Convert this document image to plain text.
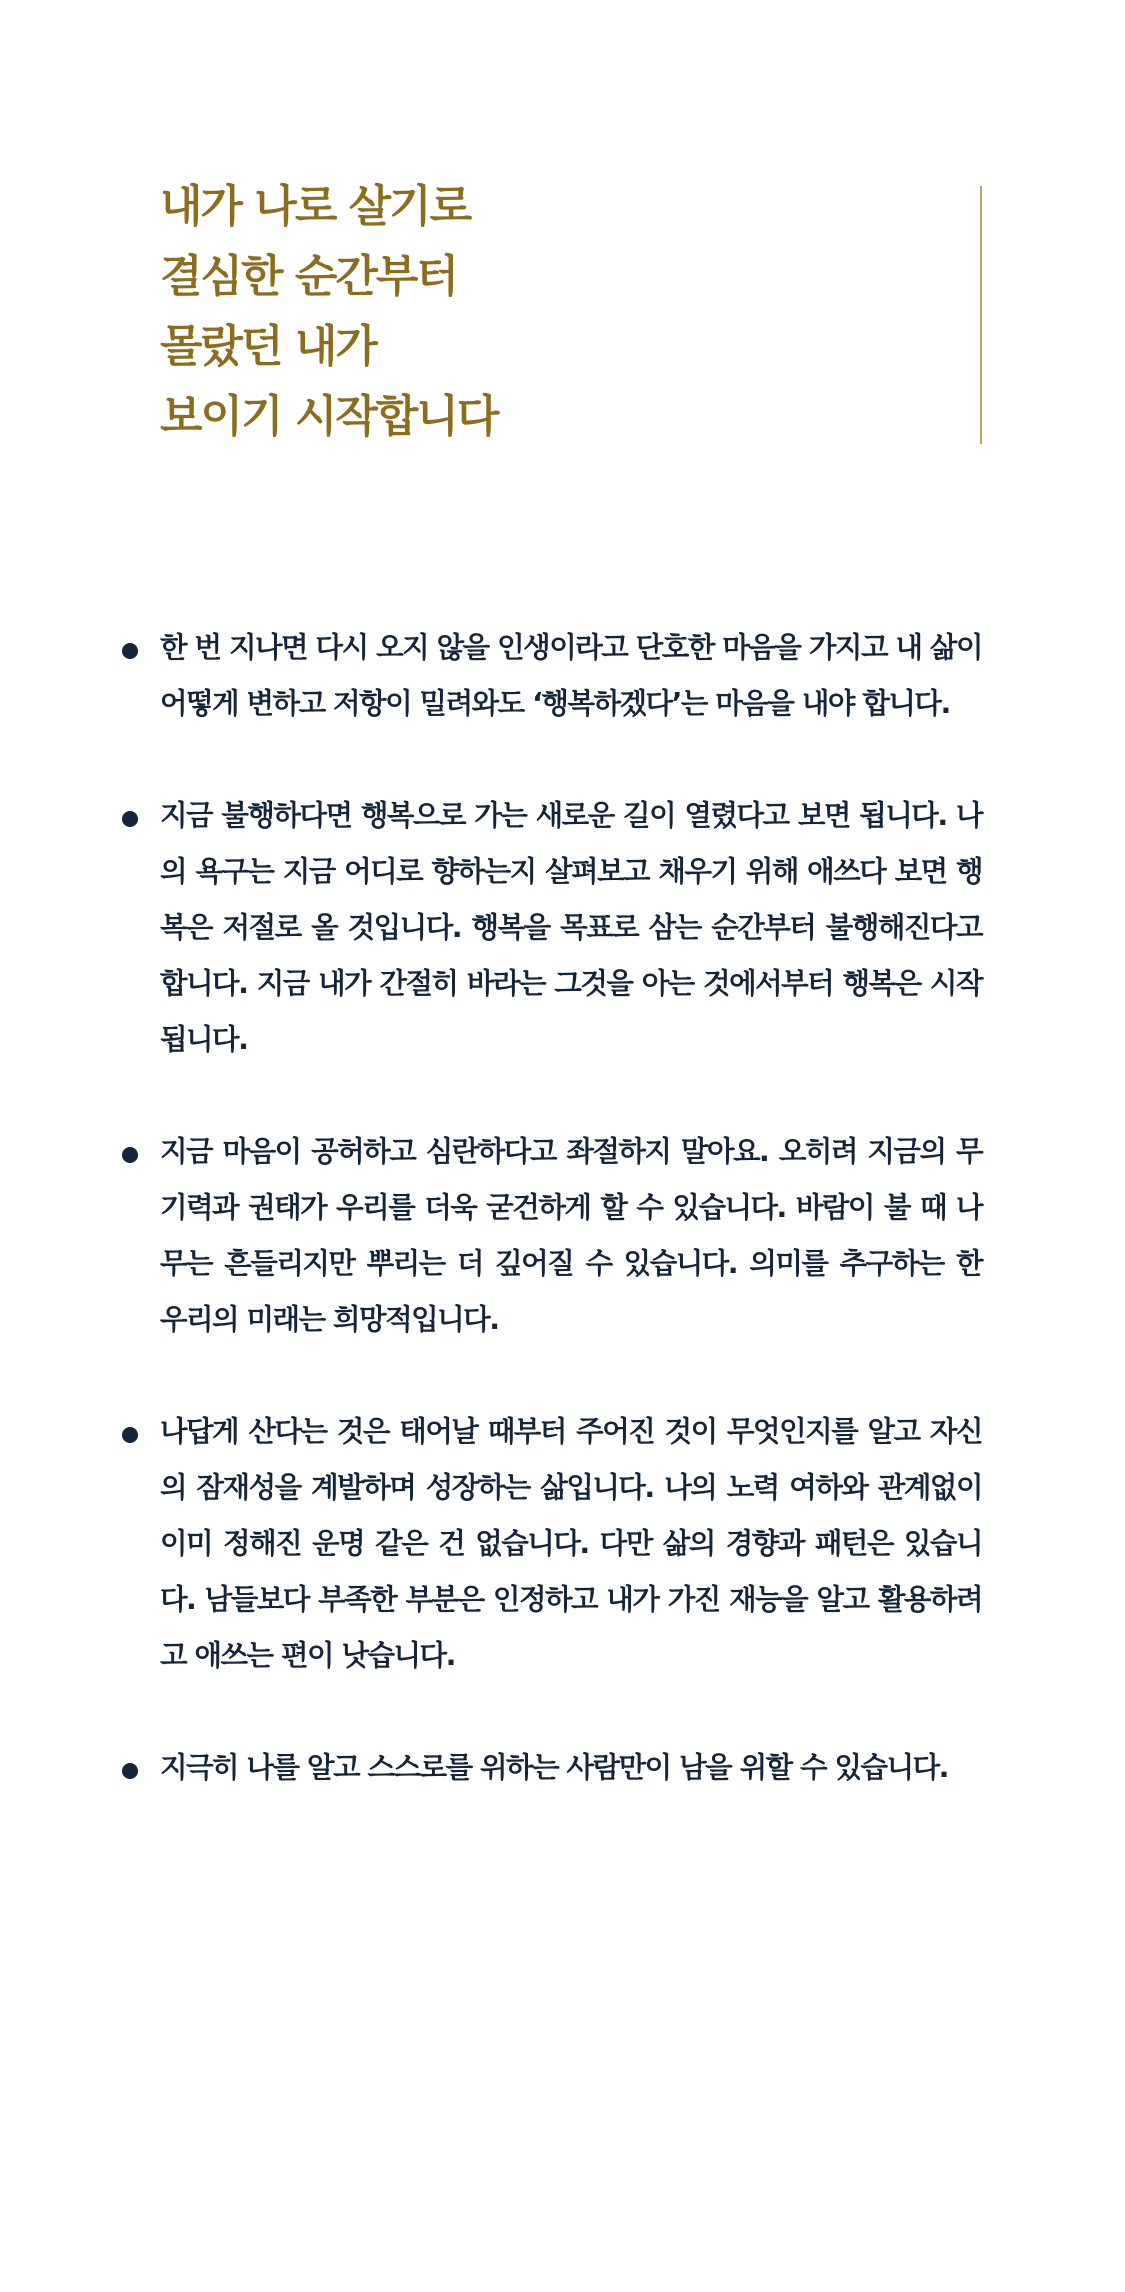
내가 나로 살기로
결심한 순간부터
몰랐던 내가
보이기 시작합니다

한 번 지나면 다시 오지 않을 인생이라고 단호한 마음을 가지고 내 삶이 어떻게 변하고 저항이 밀려와도 ‘행복하겠다’는 마음을 내야 합니다.

지금 불행하다면 행복으로 가는 새로운 길이 열렸다고 보면 됩니다. 나의 욕구는 지금 어디로 향하는지 살펴보고 채우기 위해 애쓰다 보면 행복은 저절로 올 것입니다. 행복을 목표로 삼는 순간부터 불행해진다고 합니다. 지금 내가 간절히 바라는 그것을 아는 것에서부터 행복은 시작됩니다.

지금 마음이 공허하고 심란하다고 좌절하지 말아요. 오히려 지금의 무기력과 권태가 우리를 더욱 굳건하게 할 수 있습니다. 바람이 불 때 나무는 흔들리지만 뿌리는 더 깊어질 수 있습니다. 의미를 추구하는 한 우리의 미래는 희망적입니다.

나답게 산다는 것은 태어날 때부터 주어진 것이 무엇인지를 알고 자신의 잠재성을 계발하며 성장하는 삶입니다. 나의 노력 여하와 관계없이 이미 정해진 운명 같은 건 없습니다. 다만 삶의 경향과 패턴은 있습니다. 남들보다 부족한 부분은 인정하고 내가 가진 재능을 알고 활용하려고 애쓰는 편이 낫습니다.

지극히 나를 알고 스스로를 위하는 사람만이 남을 위할 수 있습니다.
